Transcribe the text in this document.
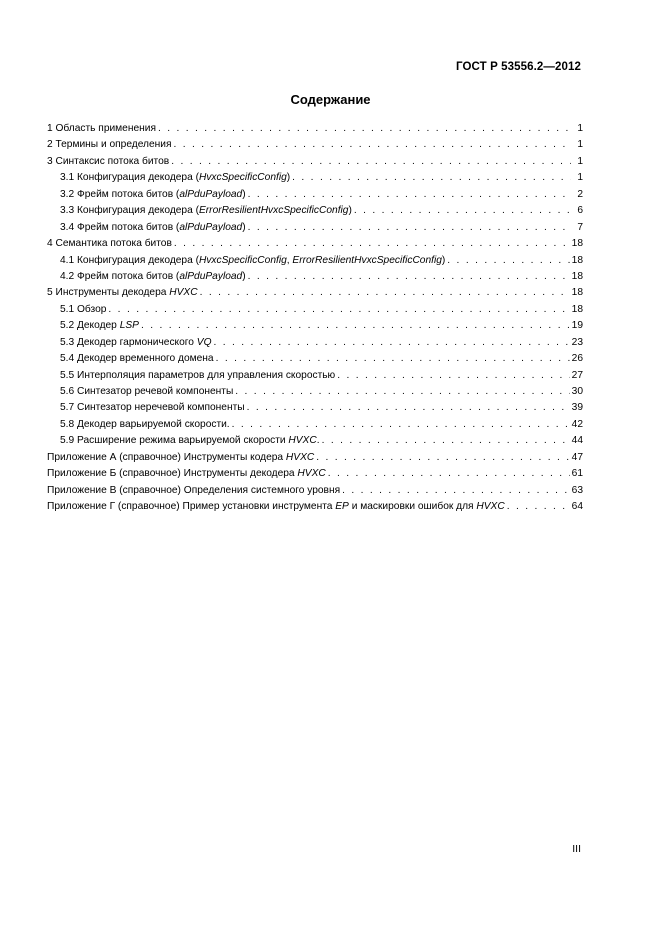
ГОСТ Р 53556.2—2012
Содержание
1 Область применения . . .	1
2 Термины и определения . . .	1
3 Синтаксис потока битов . . .	1
3.1 Конфигурация декодера (HvxcSpecificConfig) . . .	1
3.2 Фрейм потока битов (alPduPayload) . . .	2
3.3 Конфигурация декодера (ErrorResilientHvxcSpecificConfig) . . .	6
3.4 Фрейм потока битов (alPduPayload) . . .	7
4 Семантика потока битов . . .	18
4.1 Конфигурация декодера (HvxcSpecificConfig, ErrorResilientHvxcSpecificConfig) . . .	18
4.2 Фрейм потока битов (alPduPayload) . . .	18
5 Инструменты декодера HVXC . . .	18
5.1 Обзор . . .	18
5.2 Декодер LSP . . .	19
5.3 Декодер гармонического VQ . . .	23
5.4 Декодер временного домена . . .	26
5.5 Интерполяция параметров для управления скоростью . . .	27
5.6 Синтезатор речевой компоненты . . .	30
5.7 Синтезатор неречевой компоненты . . .	39
5.8 Декодер варьируемой скорости. . . .	42
5.9 Расширение режима варьируемой скорости HVXC. . . .	44
Приложение А (справочное) Инструменты кодера HVXC . . .	47
Приложение Б (справочное) Инструменты декодера HVXC . . .	61
Приложение В (справочное) Определения системного уровня . . .	63
Приложение Г (справочное) Пример установки инструмента EP и маскировки ошибок для HVXC . . .	64
III
